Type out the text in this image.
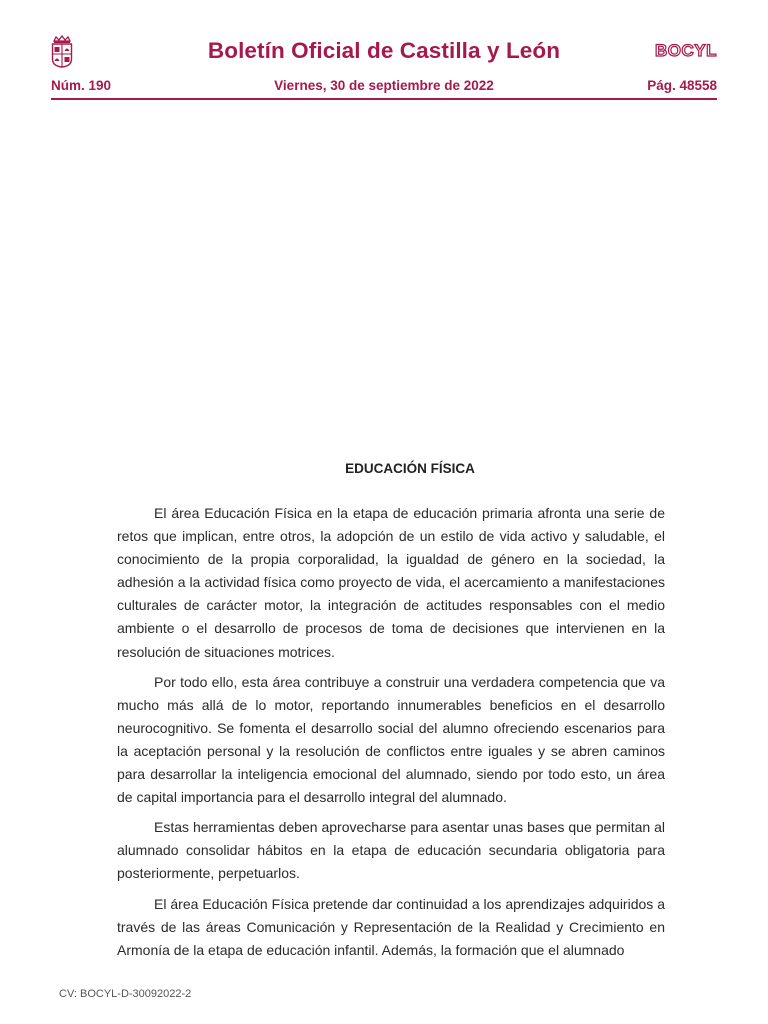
Boletín Oficial de Castilla y León	BOCYL
Núm. 190	Viernes, 30 de septiembre de 2022	Pág. 48558
EDUCACIÓN FÍSICA

El área Educación Física en la etapa de educación primaria afronta una serie de retos que implican, entre otros, la adopción de un estilo de vida activo y saludable, el conocimiento de la propia corporalidad, la igualdad de género en la sociedad, la adhesión a la actividad física como proyecto de vida, el acercamiento a manifestaciones culturales de carácter motor, la integración de actitudes responsables con el medio ambiente o el desarrollo de procesos de toma de decisiones que intervienen en la resolución de situaciones motrices.

Por todo ello, esta área contribuye a construir una verdadera competencia que va mucho más allá de lo motor, reportando innumerables beneficios en el desarrollo neurocognitivo. Se fomenta el desarrollo social del alumno ofreciendo escenarios para la aceptación personal y la resolución de conflictos entre iguales y se abren caminos para desarrollar la inteligencia emocional del alumnado, siendo por todo esto, un área de capital importancia para el desarrollo integral del alumnado.

Estas herramientas deben aprovecharse para asentar unas bases que permitan al alumnado consolidar hábitos en la etapa de educación secundaria obligatoria para posteriormente, perpetuarlos.

El área Educación Física pretende dar continuidad a los aprendizajes adquiridos a través de las áreas Comunicación y Representación de la Realidad y Crecimiento en Armonía de la etapa de educación infantil. Además, la formación que el alumnado

CV: BOCYL-D-30092022-2
